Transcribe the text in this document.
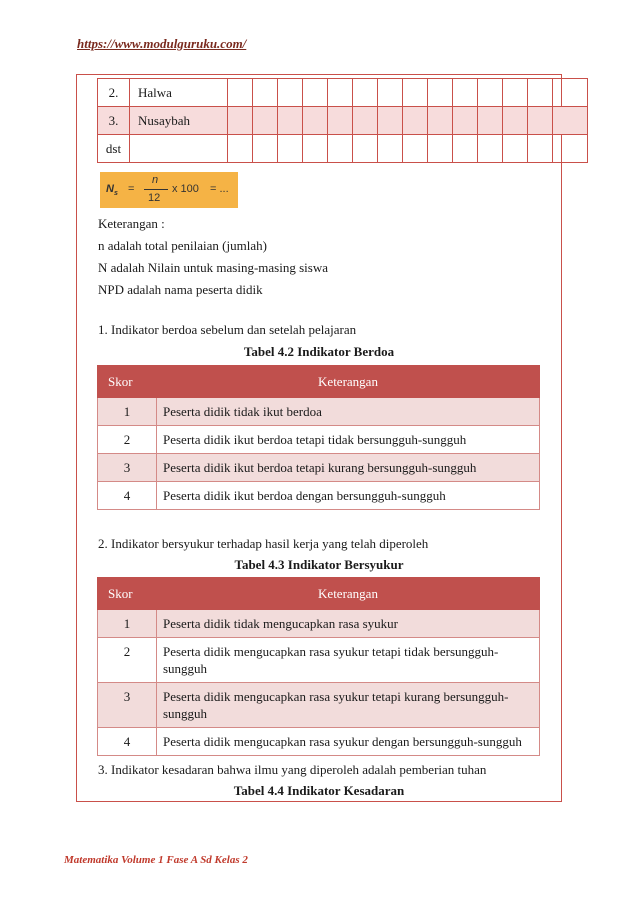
https://www.modulguruku.com/
2.	Halwa														
3.	Nusaybah														
dst															
$N_s$ =
n
12
x 100 = ...
Keterangan :
n adalah total penilaian (jumlah)
N adalah Nilain untuk masing-masing siswa
NPD adalah nama peserta didik
1. Indikator berdoa sebelum dan setelah pelajaran
Tabel 4.2 Indikator Berdoa
Skor	Keterangan
1	Peserta didik tidak ikut berdoa
2	Peserta didik ikut berdoa tetapi tidak bersungguh-sungguh
3	Peserta didik ikut berdoa tetapi kurang bersungguh-sungguh
4	Peserta didik ikut berdoa dengan bersungguh-sungguh
2. Indikator bersyukur terhadap hasil kerja yang telah diperoleh
Tabel 4.3 Indikator Bersyukur
Skor	Keterangan
1	Peserta didik tidak mengucapkan rasa syukur
2	Peserta didik mengucapkan rasa syukur tetapi tidak bersungguh-sungguh
3	Peserta didik mengucapkan rasa syukur tetapi kurang bersungguh-sungguh
4	Peserta didik mengucapkan rasa syukur dengan bersungguh-sungguh
3. Indikator kesadaran bahwa ilmu yang diperoleh adalah pemberian tuhan
Tabel 4.4 Indikator Kesadaran
Matematika Volume 1 Fase A Sd Kelas 2
